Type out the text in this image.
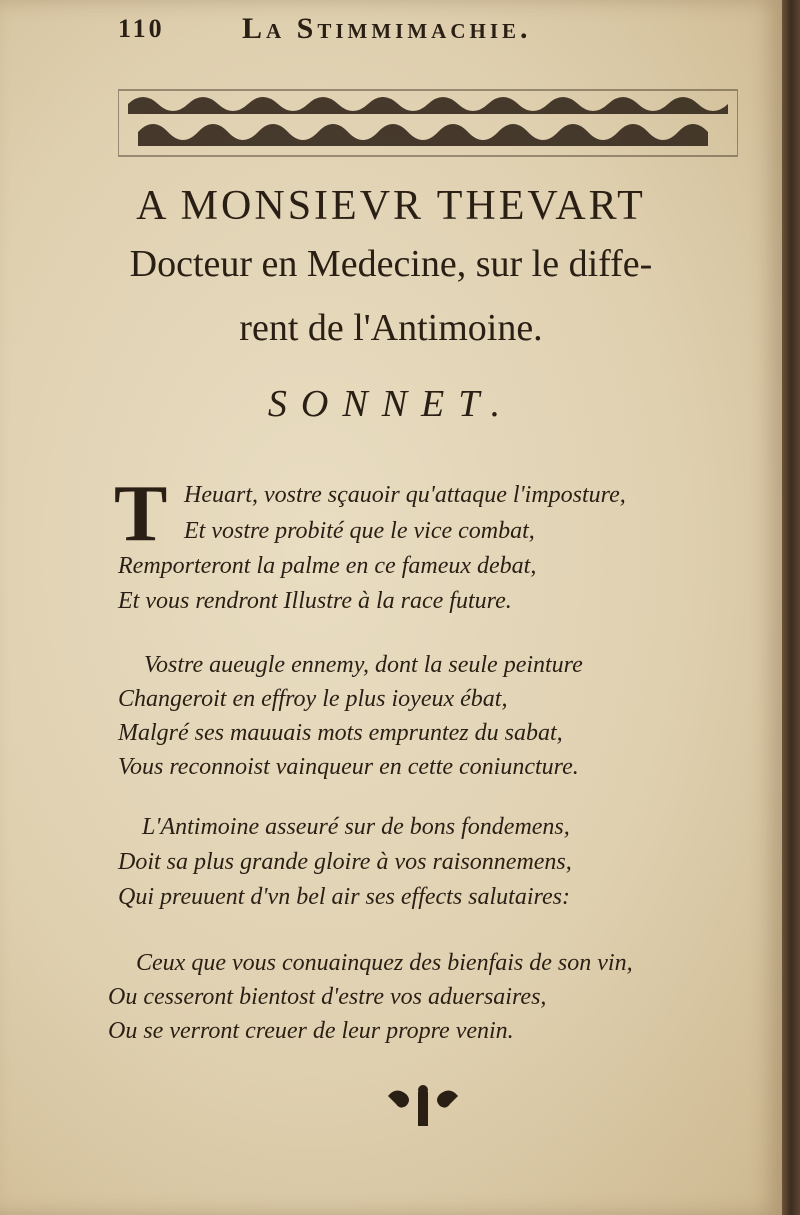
110	La Stimmimachie.
A MONSIEVR THEVART
Docteur en Medecine, sur le diffe-
rent de l'Antimoine.
SONNET.
T Heuart, vostre sçauoir qu'attaque l'imposture,
Et vostre probité que le vice combat,
Remporteront la palme en ce fameux debat,
Et vous rendront Illustre à la race future.
Vostre aueugle ennemy, dont la seule peinture
Changeroit en effroy le plus ioyeux ébat,
Malgré ses mauuais mots empruntez du sabat,
Vous reconnoist vainqueur en cette coniuncture.
L'Antimoine asseuré sur de bons fondemens,
Doit sa plus grande gloire à vos raisonnemens,
Qui preuuent d'vn bel air ses effects salutaires:
Ceux que vous conuainquez des bienfais de son vin,
Ou cesseront bientost d'estre vos aduersaires,
Ou se verront creuer de leur propre venin.
